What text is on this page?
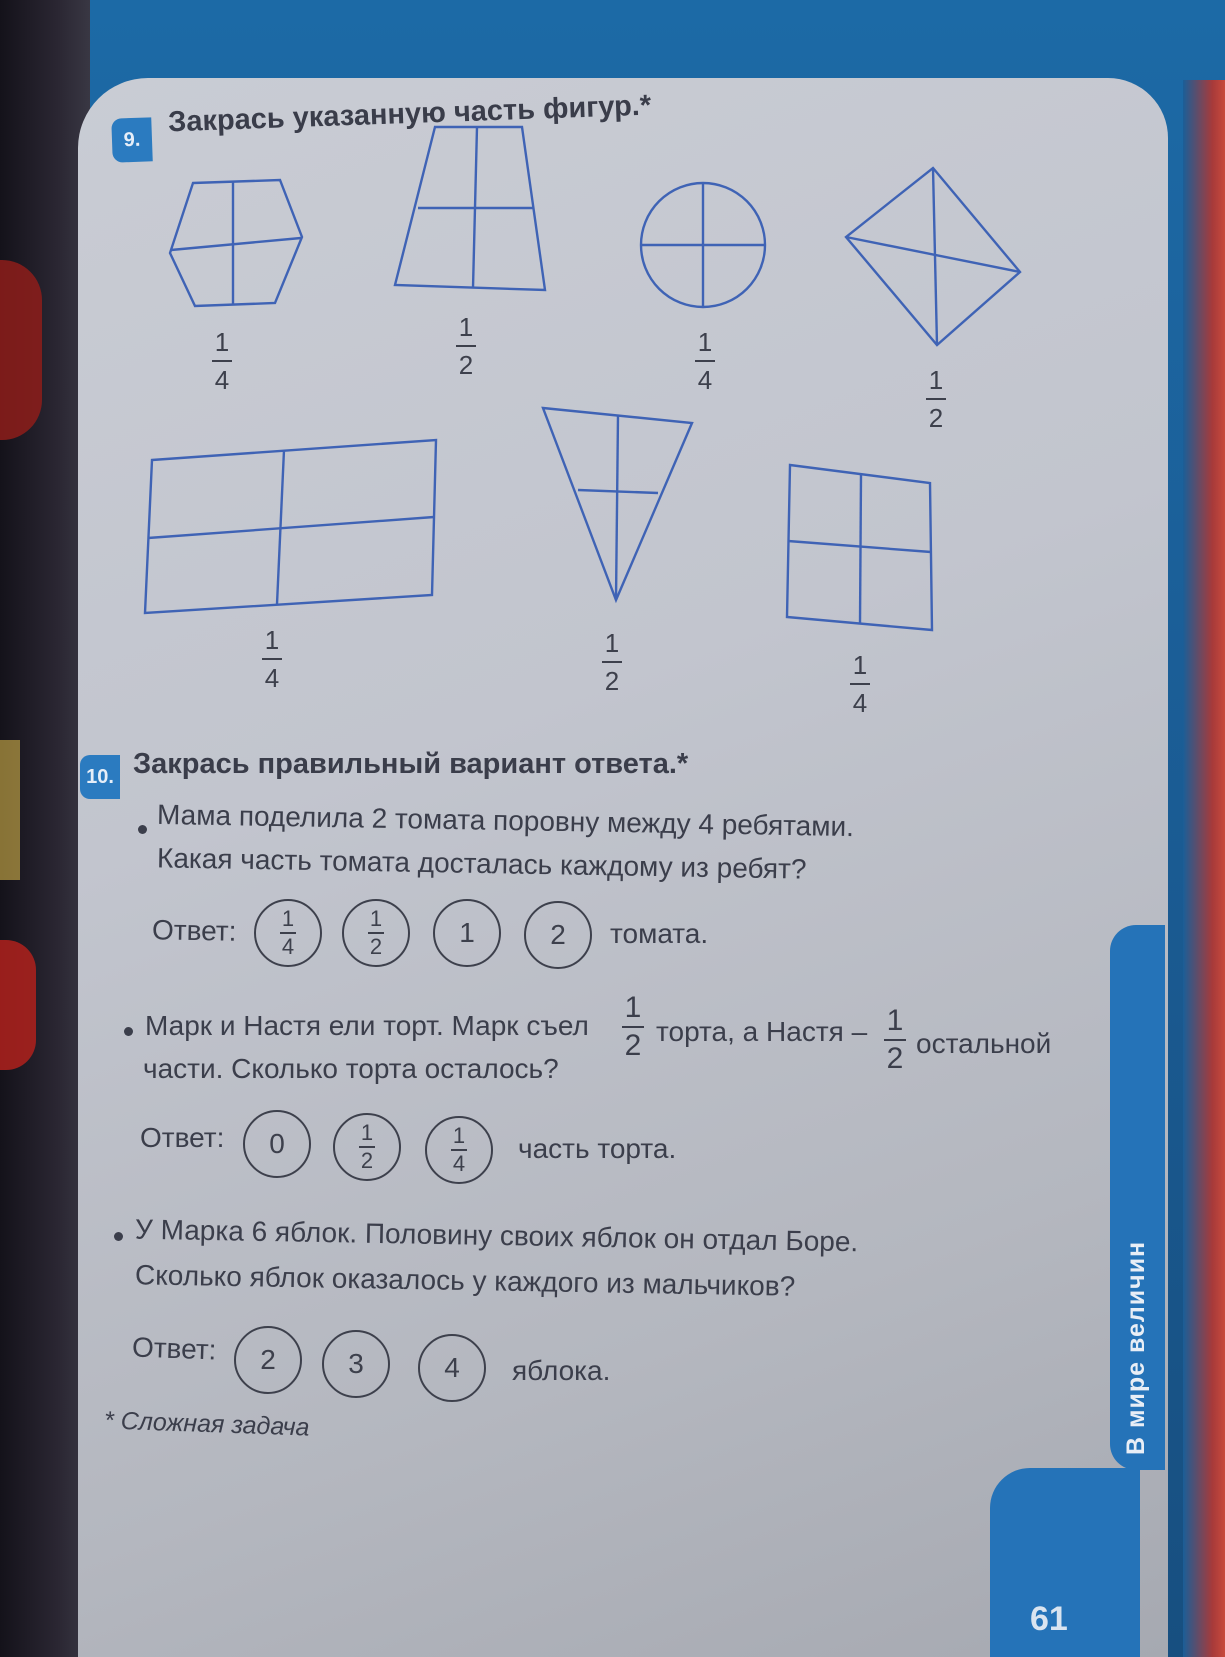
В мире величин
61
9.
Закрась указанную часть фигур.*
1
4
1
2
1
4	1
2
1
4
1
2
1
4
10. Закрась правильный вариант ответа.*
Мама поделила 2 томата поровну между 4 ребятами.
Какая часть томата досталась каждому из ребят?
Ответ:	1
4
1
2	1	2	томата.
Марк и Настя ели торт. Марк съел
1
2 торта, а Настя – 1
2 остальной
части. Сколько торта осталось?
Ответ:	0	1
2
1
4	часть торта.
У Марка 6 яблок. Половину своих яблок он отдал Боре.
Сколько яблок оказалось у каждого из мальчиков?
Ответ:	2	3	4	яблока.
* Сложная задача
